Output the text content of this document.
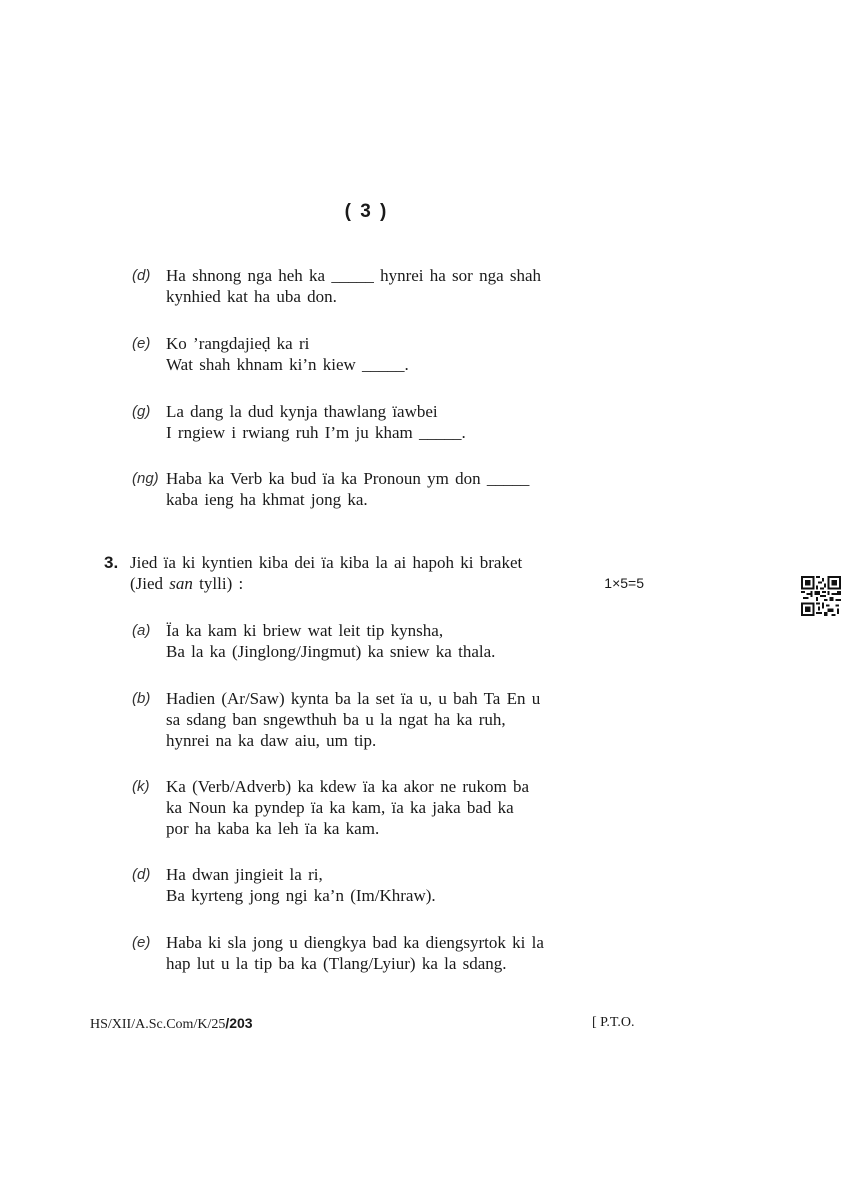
( 3 )
(d) Ha shnong nga heh ka _____ hynrei ha sor nga shah
kynhied kat ha uba don.
(e) Ko ’rangdajieḍ ka ri
Wat shah khnam ki’n kiew _____.
(g) La dang la dud kynja thawlang ïawbei
I rngiew i rwiang ruh I’m ju kham _____.
(ng) Haba ka Verb ka bud ïa ka Pronoun ym don _____
kaba ieng ha khmat jong ka.
3. Jied ïa ki kyntien kiba dei ïa kiba la ai hapoh ki braket
(Jied san tylli) :	1×5=5
(a) Ïa ka kam ki briew wat leit tip kynsha,
Ba la ka (Jinglong/Jingmut) ka sniew ka thala.
(b) Hadien (Ar/Saw) kynta ba la set ïa u, u bah Ta En u
sa sdang ban sngewthuh ba u la ngat ha ka ruh,
hynrei na ka daw aiu, um tip.
(k) Ka (Verb/Adverb) ka kdew ïa ka akor ne rukom ba
ka Noun ka pyndep ïa ka kam, ïa ka jaka bad ka
por ha kaba ka leh ïa ka kam.
(d) Ha dwan jingieit la ri,
Ba kyrteng jong ngi ka’n (Im/Khraw).
(e) Haba ki sla jong u diengkya bad ka diengsyrtok ki la
hap lut u la tip ba ka (Tlang/Lyiur) ka la sdang.
HS/XII/A.Sc.Com/K/25/203	[ P.T.O.
